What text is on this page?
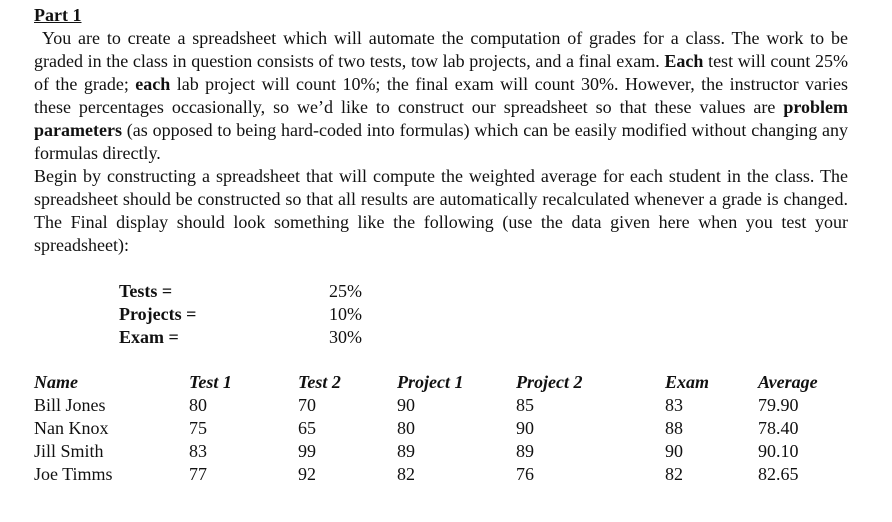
Part 1

You are to create a spreadsheet which will automate the computation of grades for a class. The work to be graded in the class in question consists of two tests, tow lab projects, and a final exam. Each test will count 25% of the grade; each lab project will count 10%; the final exam will count 30%. However, the instructor varies these percentages occasionally, so we’d like to construct our spreadsheet so that these values are problem parameters (as opposed to being hard-coded into formulas) which can be easily modified without changing any formulas directly.

Begin by constructing a spreadsheet that will compute the weighted average for each student in the class. The spreadsheet should be constructed so that all results are automatically recalculated whenever a grade is changed. The Final display should look something like the following (use the data given here when you test your spreadsheet):

Tests =	25%
Projects =	10%
Exam =	30%
Name	Test 1	Test 2	Project 1	Project 2	Exam	Average
Bill Jones	80	70	90	85	83	79.90
Nan Knox	75	65	80	90	88	78.40
Jill Smith	83	99	89	89	90	90.10
Joe Timms	77	92	82	76	82	82.65
